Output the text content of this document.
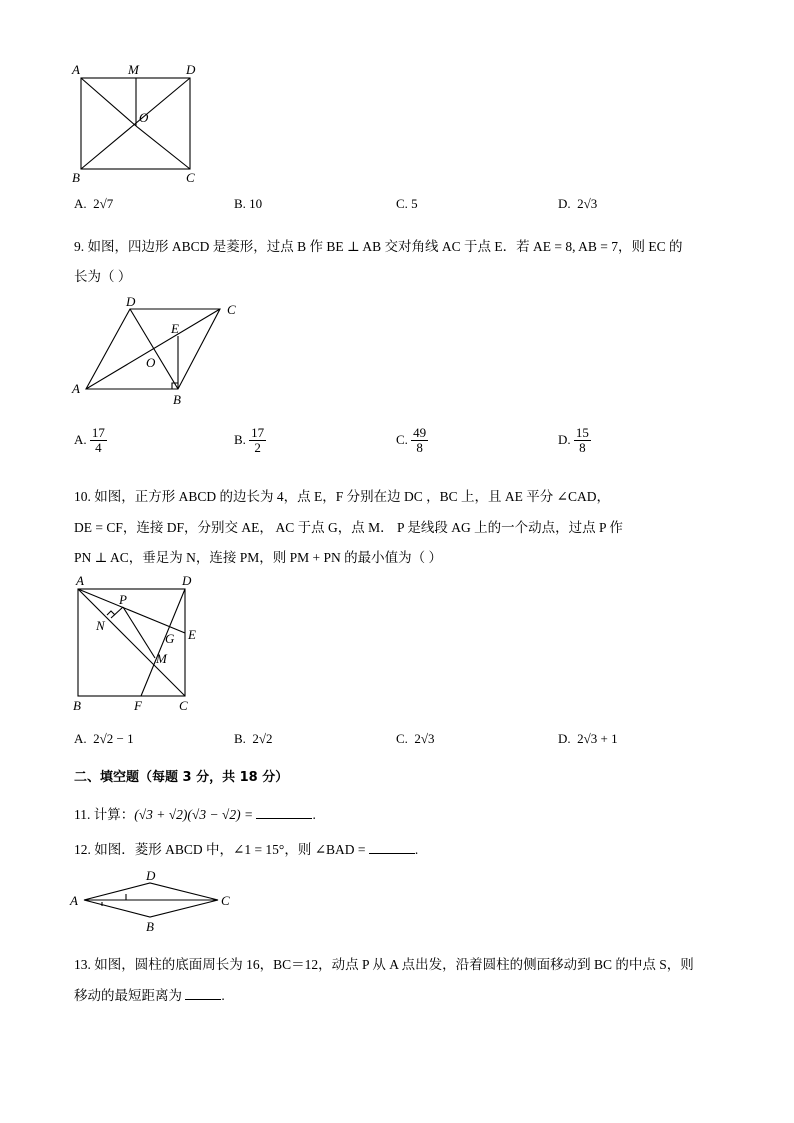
A	M	D
O
B	C
A. 2√7	B. 10	C. 5	D. 2√3
9. 如图，四边形 ABCD 是菱形，过点 B 作 BE ⊥ AB 交对角线 AC 于点 E．若 AE = 8, AB = 7，则 EC 的
长为（ ）
D
C
E
O
A
B
A. $\frac{17}{4}$	B. $\frac{17}{2}$	C. $\frac{49}{8}$	D. $\frac{15}{8}$
10. 如图，正方形 ABCD 的边长为 4，点 E，F 分别在边 DC ，BC 上，且 AE 平分 ∠CAD，
DE = CF，连接 DF，分别交 AE， AC 于点 G，点 M． P 是线段 AG 上的一个动点，过点 P 作
PN ⊥ AC，垂足为 N，连接 PM，则 PM + PN 的最小值为（ ）
A	D
P
N
G E
M
B	F	C
A. 2√2 − 1	B. 2√2	C. 2√3	D. 2√3 + 1
二、填空题（每题 3 分，共 18 分）
11. 计算：(√3 + √2)(√3 − √2) =	.
12. 如图．菱形 ABCD 中，∠1 = 15°，则 ∠BAD =	.
A
D
C
B
13. 如图，圆柱的底面周长为 16，BC＝12，动点 P 从 A 点出发，沿着圆柱的侧面移动到 BC 的中点 S，则
移动的最短距离为	.
